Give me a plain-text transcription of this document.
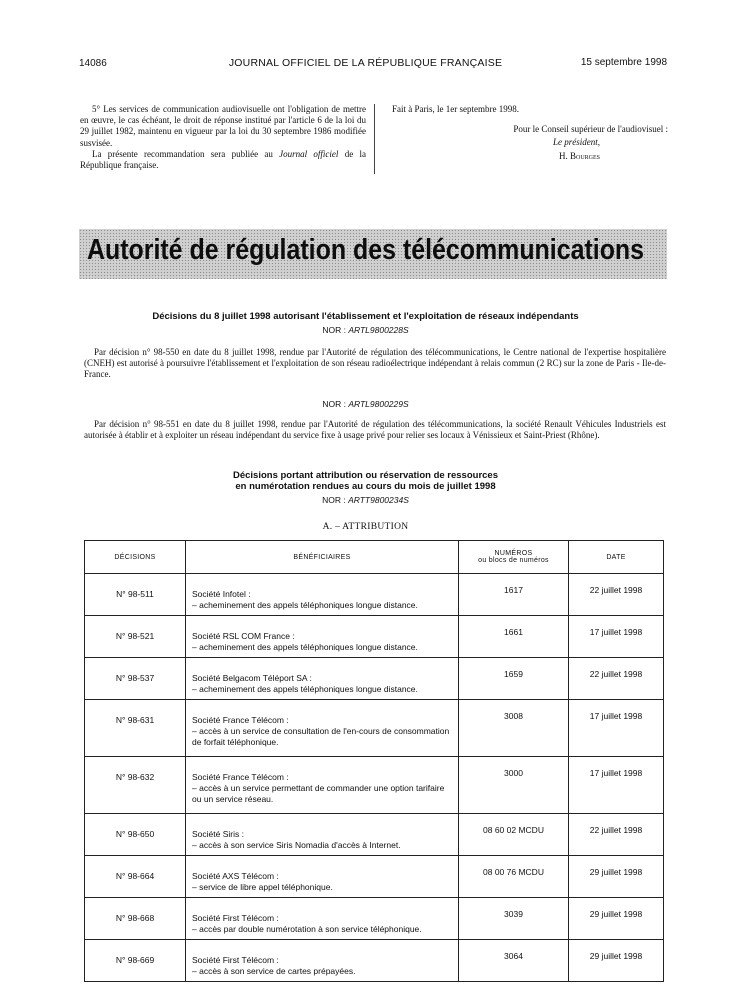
14086	JOURNAL OFFICIEL DE LA RÉPUBLIQUE FRANÇAISE	15 septembre 1998

5° Les services de communication audiovisuelle ont l'obligation de mettre en œuvre, le cas échéant, le droit de réponse institué par l'article 6 de la loi du 29 juillet 1982, maintenu en vigueur par la loi du 30 septembre 1986 modifiée susvisée.

La présente recommandation sera publiée au Journal officiel de la République française.

Fait à Paris, le 1er septembre 1998.
Pour le Conseil supérieur de l'audiovisuel :
Le président,
H. Bourges
Autorité de régulation des télécommunications
Décisions du 8 juillet 1998 autorisant l'établissement et l'exploitation de réseaux indépendants
NOR : ARTL9800228S
Par décision n° 98-550 en date du 8 juillet 1998, rendue par l'Autorité de régulation des télécommunications, le Centre national de l'expertise hospitalière (CNEH) est autorisé à poursuivre l'établissement et l'exploitation de son réseau radioélectrique indépendant à relais commun (2 RC) sur la zone de Paris - Ile-de-France.
NOR : ARTL9800229S
Par décision n° 98-551 en date du 8 juillet 1998, rendue par l'Autorité de régulation des télécommunications, la société Renault Véhicules Industriels est autorisée à établir et à exploiter un réseau indépendant du service fixe à usage privé pour relier ses locaux à Vénissieux et Saint-Priest (Rhône).
Décisions portant attribution ou réservation de ressources
en numérotation rendues au cours du mois de juillet 1998
NOR : ARTT9800234S
A. – ATTRIBUTION
DÉCISIONS	BÉNÉFICIAIRES	NUMÉROS
ou blocs de numéros	DATE
N° 98-511	Société Infotel :
– acheminement des appels téléphoniques longue distance.	1617	22 juillet 1998
N° 98-521	Société RSL COM France :
– acheminement des appels téléphoniques longue distance.	1661	17 juillet 1998
N° 98-537	Société Belgacom Téléport SA :
– acheminement des appels téléphoniques longue distance.	1659	22 juillet 1998
N° 98-631	Société France Télécom :
– accès à un service de consultation de l'en-cours de consommation de forfait téléphonique.	3008	17 juillet 1998
N° 98-632	Société France Télécom :
– accès à un service permettant de commander une option tarifaire ou un service réseau.	3000	17 juillet 1998
N° 98-650	Société Siris :
– accès à son service Siris Nomadia d'accès à Internet.	08 60 02 MCDU	22 juillet 1998
N° 98-664	Société AXS Télécom :
– service de libre appel téléphonique.	08 00 76 MCDU	29 juillet 1998
N° 98-668	Société First Télécom :
– accès par double numérotation à son service téléphonique.	3039	29 juillet 1998
N° 98-669	Société First Télécom :
– accès à son service de cartes prépayées.	3064	29 juillet 1998
